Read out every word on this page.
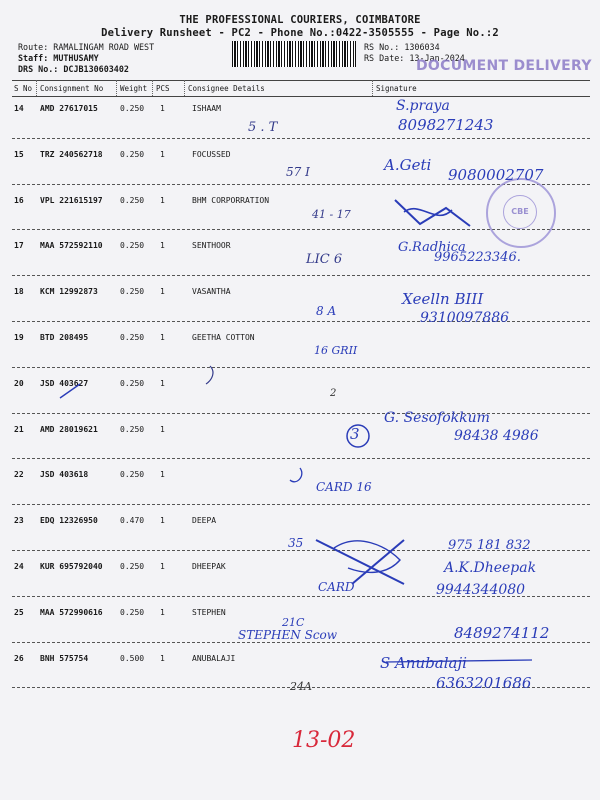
THE PROFESSIONAL COURIERS, COIMBATORE
Delivery Runsheet - PC2 - Phone No.:0422-3505555 - Page No.:2
Route: RAMALINGAM ROAD WEST
Staff: MUTHUSAMY
DRS No.: DCJB130603402
RS No.: 1306034
RS Date: 13-Jan-2024
DOCUMENT DELIVERY
S No Consignment No Weight PCS Consignee Details	Signature
14 AMD 27617015	0.250 1	ISHAAM
15 TRZ 240562718 0.250 1	FOCUSSED
16 VPL 221615197 0.250 1	BHM CORPORRATION
17 MAA 572592110 0.250 1	SENTHOOR
18 KCM 12992873	0.250 1	VASANTHA
19 BTD 208495	0.250 1	GEETHA COTTON
20 JSD 403627	0.250 1
21 AMD 28019621	0.250 1
22 JSD 403618	0.250 1
23 EDQ 12326950	0.470 1	DEEPA
24 KUR 695792040 0.250 1	DHEEPAK
25 MAA 572990616 0.250 1	STEPHEN
26 BNH 575754	0.500 1	ANUBALAJI
CBE
S.praya
8098271243
5 . T
57 I	A.Geti
9080002707
41 - 17
LIC 6
G.Radhica
9965223346.
8 A
Xeelln BIII
9310097886
16 GRII
2
3
G. Sesofokkum
98438 4986
CARD 16
35	975 181 832
A.K.Dheepak
9944344080
CARD
21C
STEPHEN Scow	8489274112
S Anubalaji
6363201686
24A
13-02
